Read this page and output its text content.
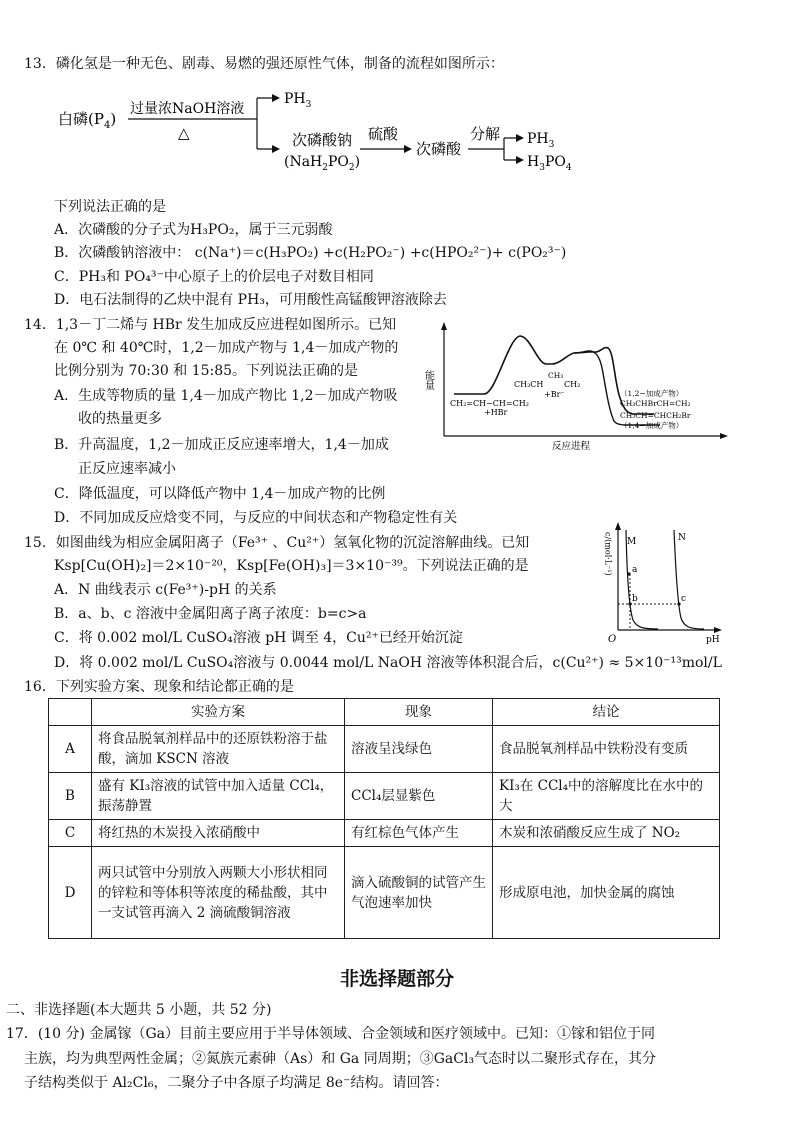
13．磷化氢是一种无色、剧毒、易燃的强还原性气体，制备的流程如图所示：
白磷$(P_4)$
过量浓NaOH溶液
△
$PH_3$
次磷酸钠
$(NaH_2PO_2)$
硫酸
次磷酸
分解 $PH_3$
$H_3PO_4$
下列说法正确的是
A．次磷酸的分子式为H₃PO₂，属于三元弱酸
B．次磷酸钠溶液中： c(Na⁺)＝c(H₃PO₂) +c(H₂PO₂⁻) +c(HPO₂²⁻)+ c(PO₂³⁻)
C．PH₃和 PO₄³⁻中心原子上的价层电子对数目相同
D．电石法制得的乙炔中混有 PH₃，可用酸性高锰酸钾溶液除去
14．1,3－丁二烯与 HBr 发生加成反应进程如图所示。已知
在 0℃ 和 40℃时，1,2－加成产物与 1,4－加成产物的
比例分别为 70:30 和 15:85。下列说法正确的是
A．生成等物质的量 1,4－加成产物比 1,2－加成产物吸
收的热量更多
B．升高温度，1,2－加成正反应速率增大，1,4－加成
正反应速率减小
C．降低温度，可以降低产物中 1,4－加成产物的比例
D．不同加成反应焓变不同，与反应的中间状态和产物稳定性有关
能量
反应进程
CH₂=CH−CH=CH₂
+HBr
CH₃
CH₃CH	CH₂
+Br⁻	（1,2−加成产物）
CH₃CHBrCH=CH₂
CH₃CH=CHCH₂Br
（1,4−加成产物）
15．如图曲线为相应金属阳离子（Fe³⁺ 、Cu²⁺）氢氧化物的沉淀溶解曲线。已知
Ksp[Cu(OH)₂]＝2×10⁻²⁰，Ksp[Fe(OH)₃]＝3×10⁻³⁹。下列说法正确的是
A．N 曲线表示 c(Fe³⁺)-pH 的关系
B．a、b、c 溶液中金属阳离子离子浓度：b=c>a
C．将 0.002 mol/L CuSO₄溶液 pH 调至 4，Cu²⁺已经开始沉淀
D．将 0.002 mol/L CuSO₄溶液与 0.0044 mol/L NaOH 溶液等体积混合后，c(Cu²⁺) ≈ 5×10⁻¹³mol/L
c/(mol·L⁻¹)
pH
O
M	N
a
b	c
16．下列实验方案、现象和结论都正确的是
	实验方案	现象	结论
A	将食品脱氧剂样品中的还原铁粉溶于盐酸，滴加 KSCN 溶液	溶液呈浅绿色	食品脱氧剂样品中铁粉没有变质
B	盛有 KI₃溶液的试管中加入适量 CCl₄，振荡静置	CCl₄层显紫色	KI₃在 CCl₄中的溶解度比在水中的大
C	将红热的木炭投入浓硝酸中	有红棕色气体产生	木炭和浓硝酸反应生成了 NO₂
D	两只试管中分别放入两颗大小形状相同的锌粒和等体积等浓度的稀盐酸，其中一支试管再滴入 2 滴硫酸铜溶液	滴入硫酸铜的试管产生气泡速率加快	形成原电池，加快金属的腐蚀
非选择题部分
二、非选择题(本大题共 5 小题，共 52 分)
17．(10 分) 金属镓（Ga）目前主要应用于半导体领域、合金领域和医疗领域中。已知：①镓和铝位于同
主族，均为典型两性金属；②氮族元素砷（As）和 Ga 同周期；③GaCl₃气态时以二聚形式存在，其分
子结构类似于 Al₂Cl₆，二聚分子中各原子均满足 8e⁻结构。请回答：
